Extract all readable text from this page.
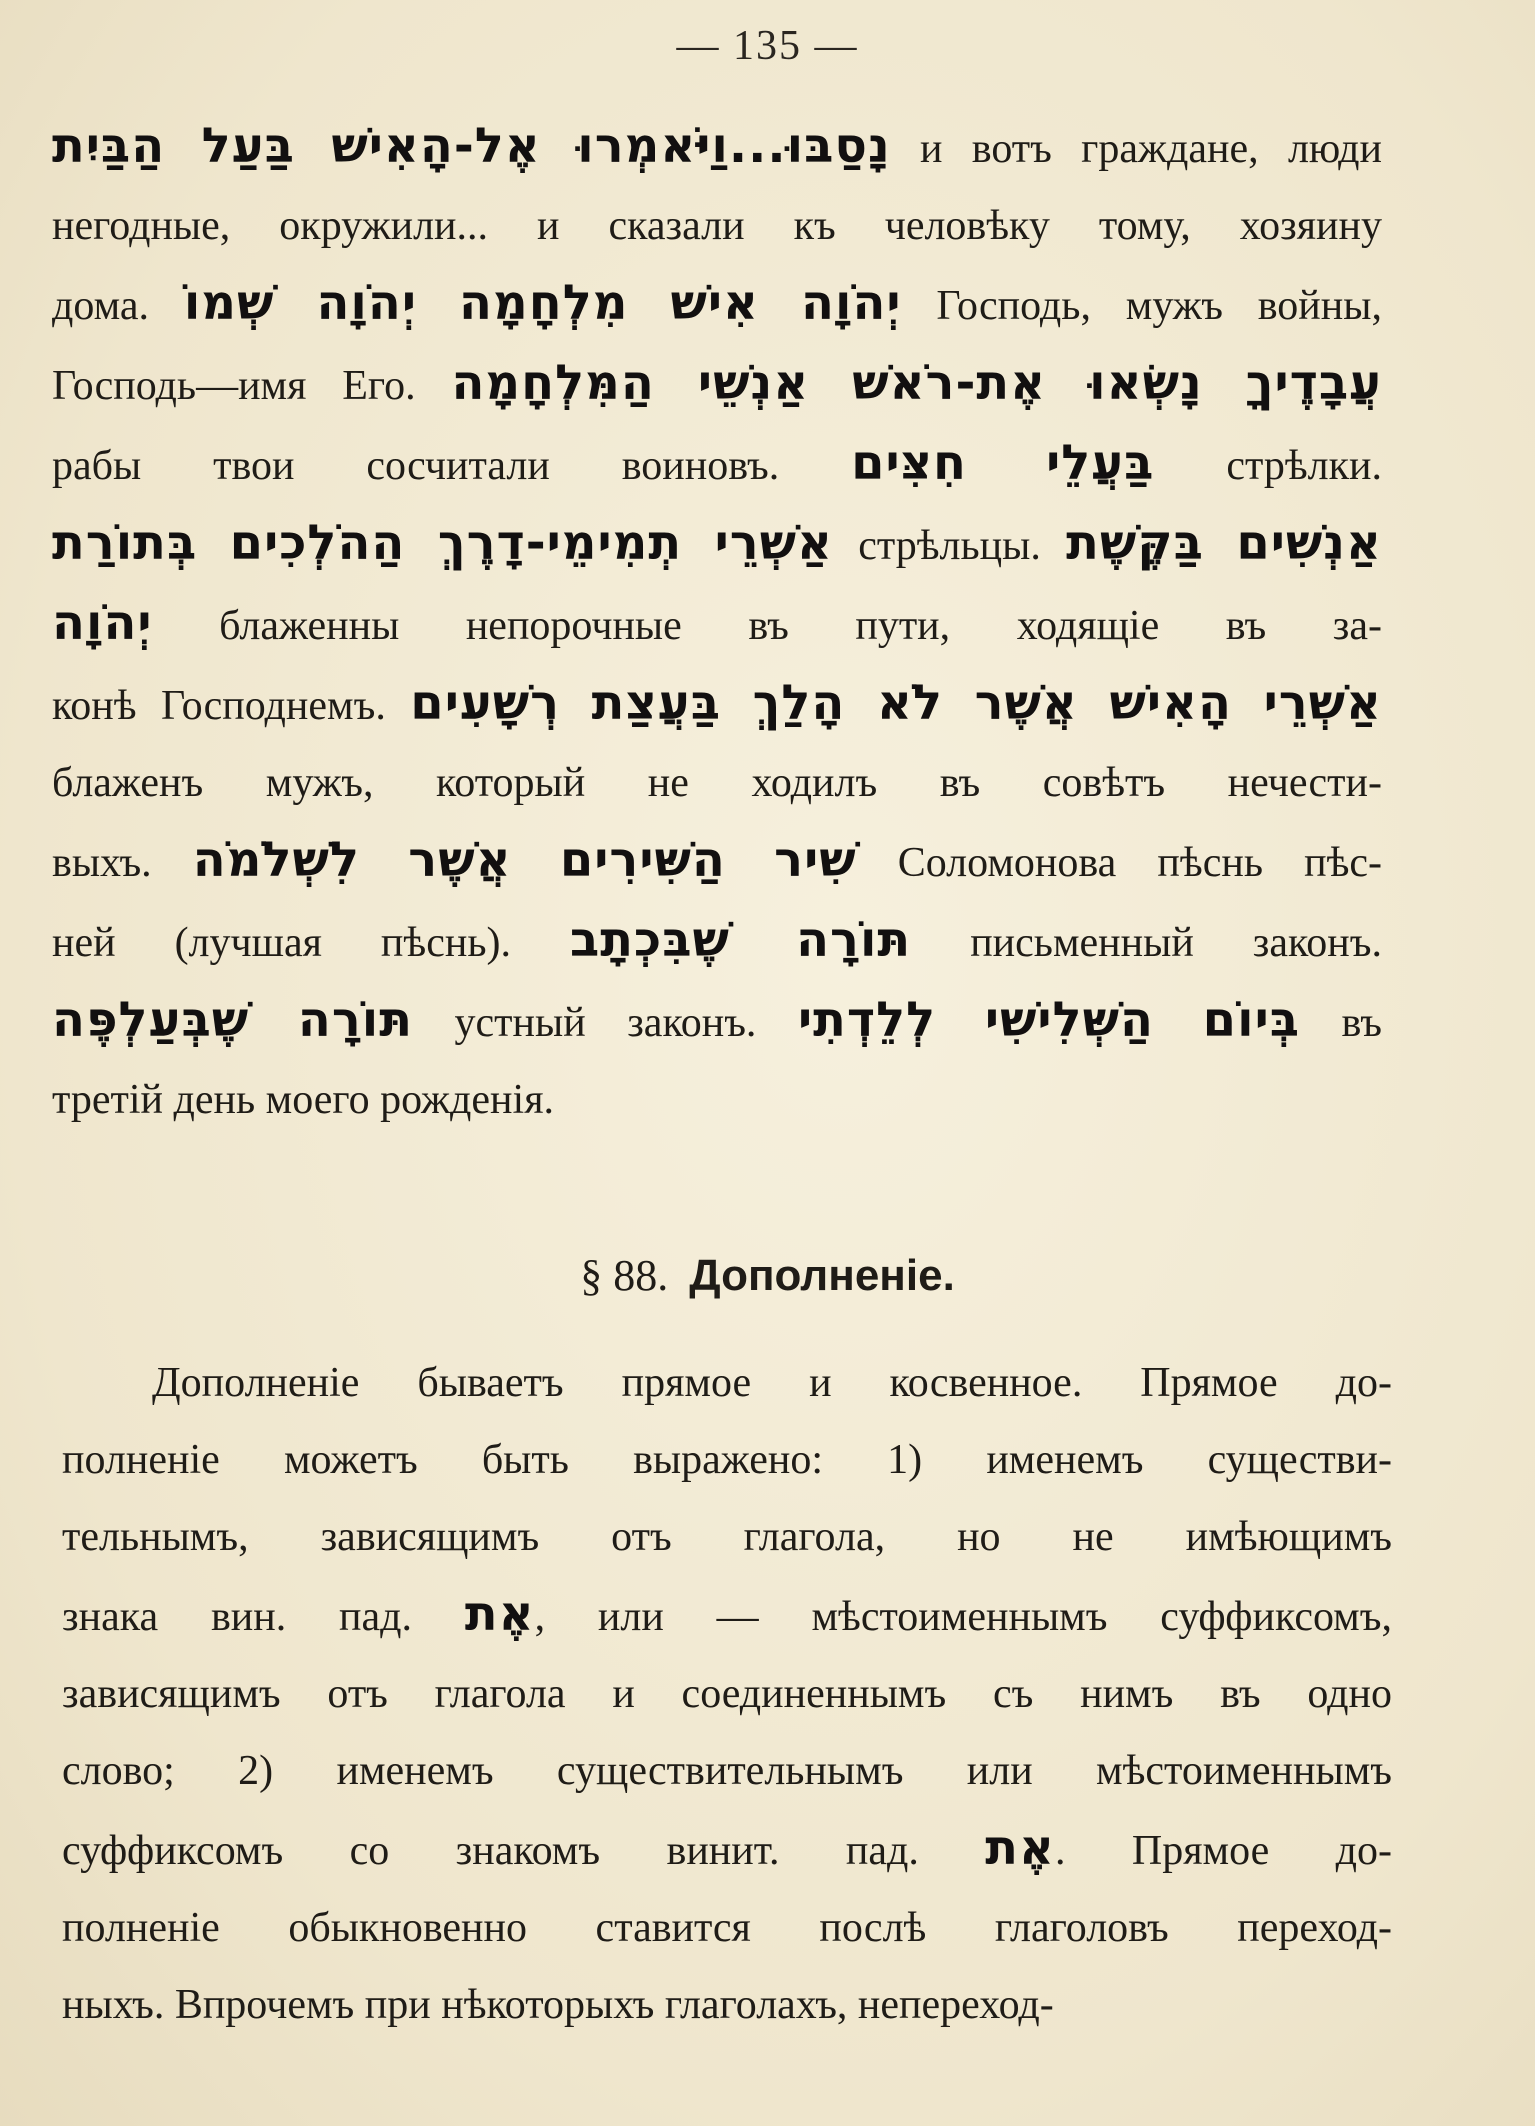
— 135 —
נָסַבּוּ...וַיֹּאמְרוּ אֶל-הָאִישׁ בַּעַל הַבַּיִת и вотъ граждане, люди
негодные, окружили... и сказали къ человѣку тому, хозяину
дома. יְהֹוָה אִישׁ מִלְחָמָה יְהֹוָה שְׁמוֹ Господь, мужъ войны,
Господь—имя Его. עֲבָדֶיךָ נָשְׂאוּ אֶת-רֹאשׁ אַנְשֵׁי הַמִּלְחָמָה
рабы твои сосчитали воиновъ. בַּעֲלֵי חִצִּים стрѣлки.
אַשְׁרֵי תְמִימֵי-דָרֶךְ הַהֹלְכִים בְּתוֹרַת стрѣльцы. אַנְשִׁים בַּקֶּשֶׁת
יְהֹוָה блаженны непорочные въ пути, ходящіе въ за-
конѣ Господнемъ. אַשְׁרֵי הָאִישׁ אֲשֶׁר לֹא הָלַךְ בַּעֲצַת רְשָׁעִים
блаженъ мужъ, который не ходилъ въ совѣтъ нечести-
выхъ. שִׁיר הַשִּׁירִים אֲשֶׁר לִשְׁלֹמֹה Соломонова пѣснь пѣс-
ней (лучшая пѣснь). תּוֹרָה שֶׁבִּכְתָב письменный законъ.
תּוֹרָה שֶׁבְּעַלְפֶּה устный законъ. בְּיוֹם הַשְּׁלִישִׁי לְלֵדְתִי въ
третій день моего рожденія.
§ 88. Дополненіе.
Дополненіе бываетъ прямое и косвенное. Прямое до-
полненіе можетъ быть выражено: 1) именемъ существи-
тельнымъ, зависящимъ отъ глагола, но не имѣющимъ
знака вин. пад. אֶת, или — мѣстоименнымъ суффиксомъ,
зависящимъ отъ глагола и соединеннымъ съ нимъ въ одно
слово; 2) именемъ существительнымъ или мѣстоименнымъ
суффиксомъ со знакомъ винит. пад. אֶת. Прямое до-
полненіе обыкновенно ставится послѣ глаголовъ переход-
ныхъ. Впрочемъ при нѣкоторыхъ глаголахъ, непереход-
